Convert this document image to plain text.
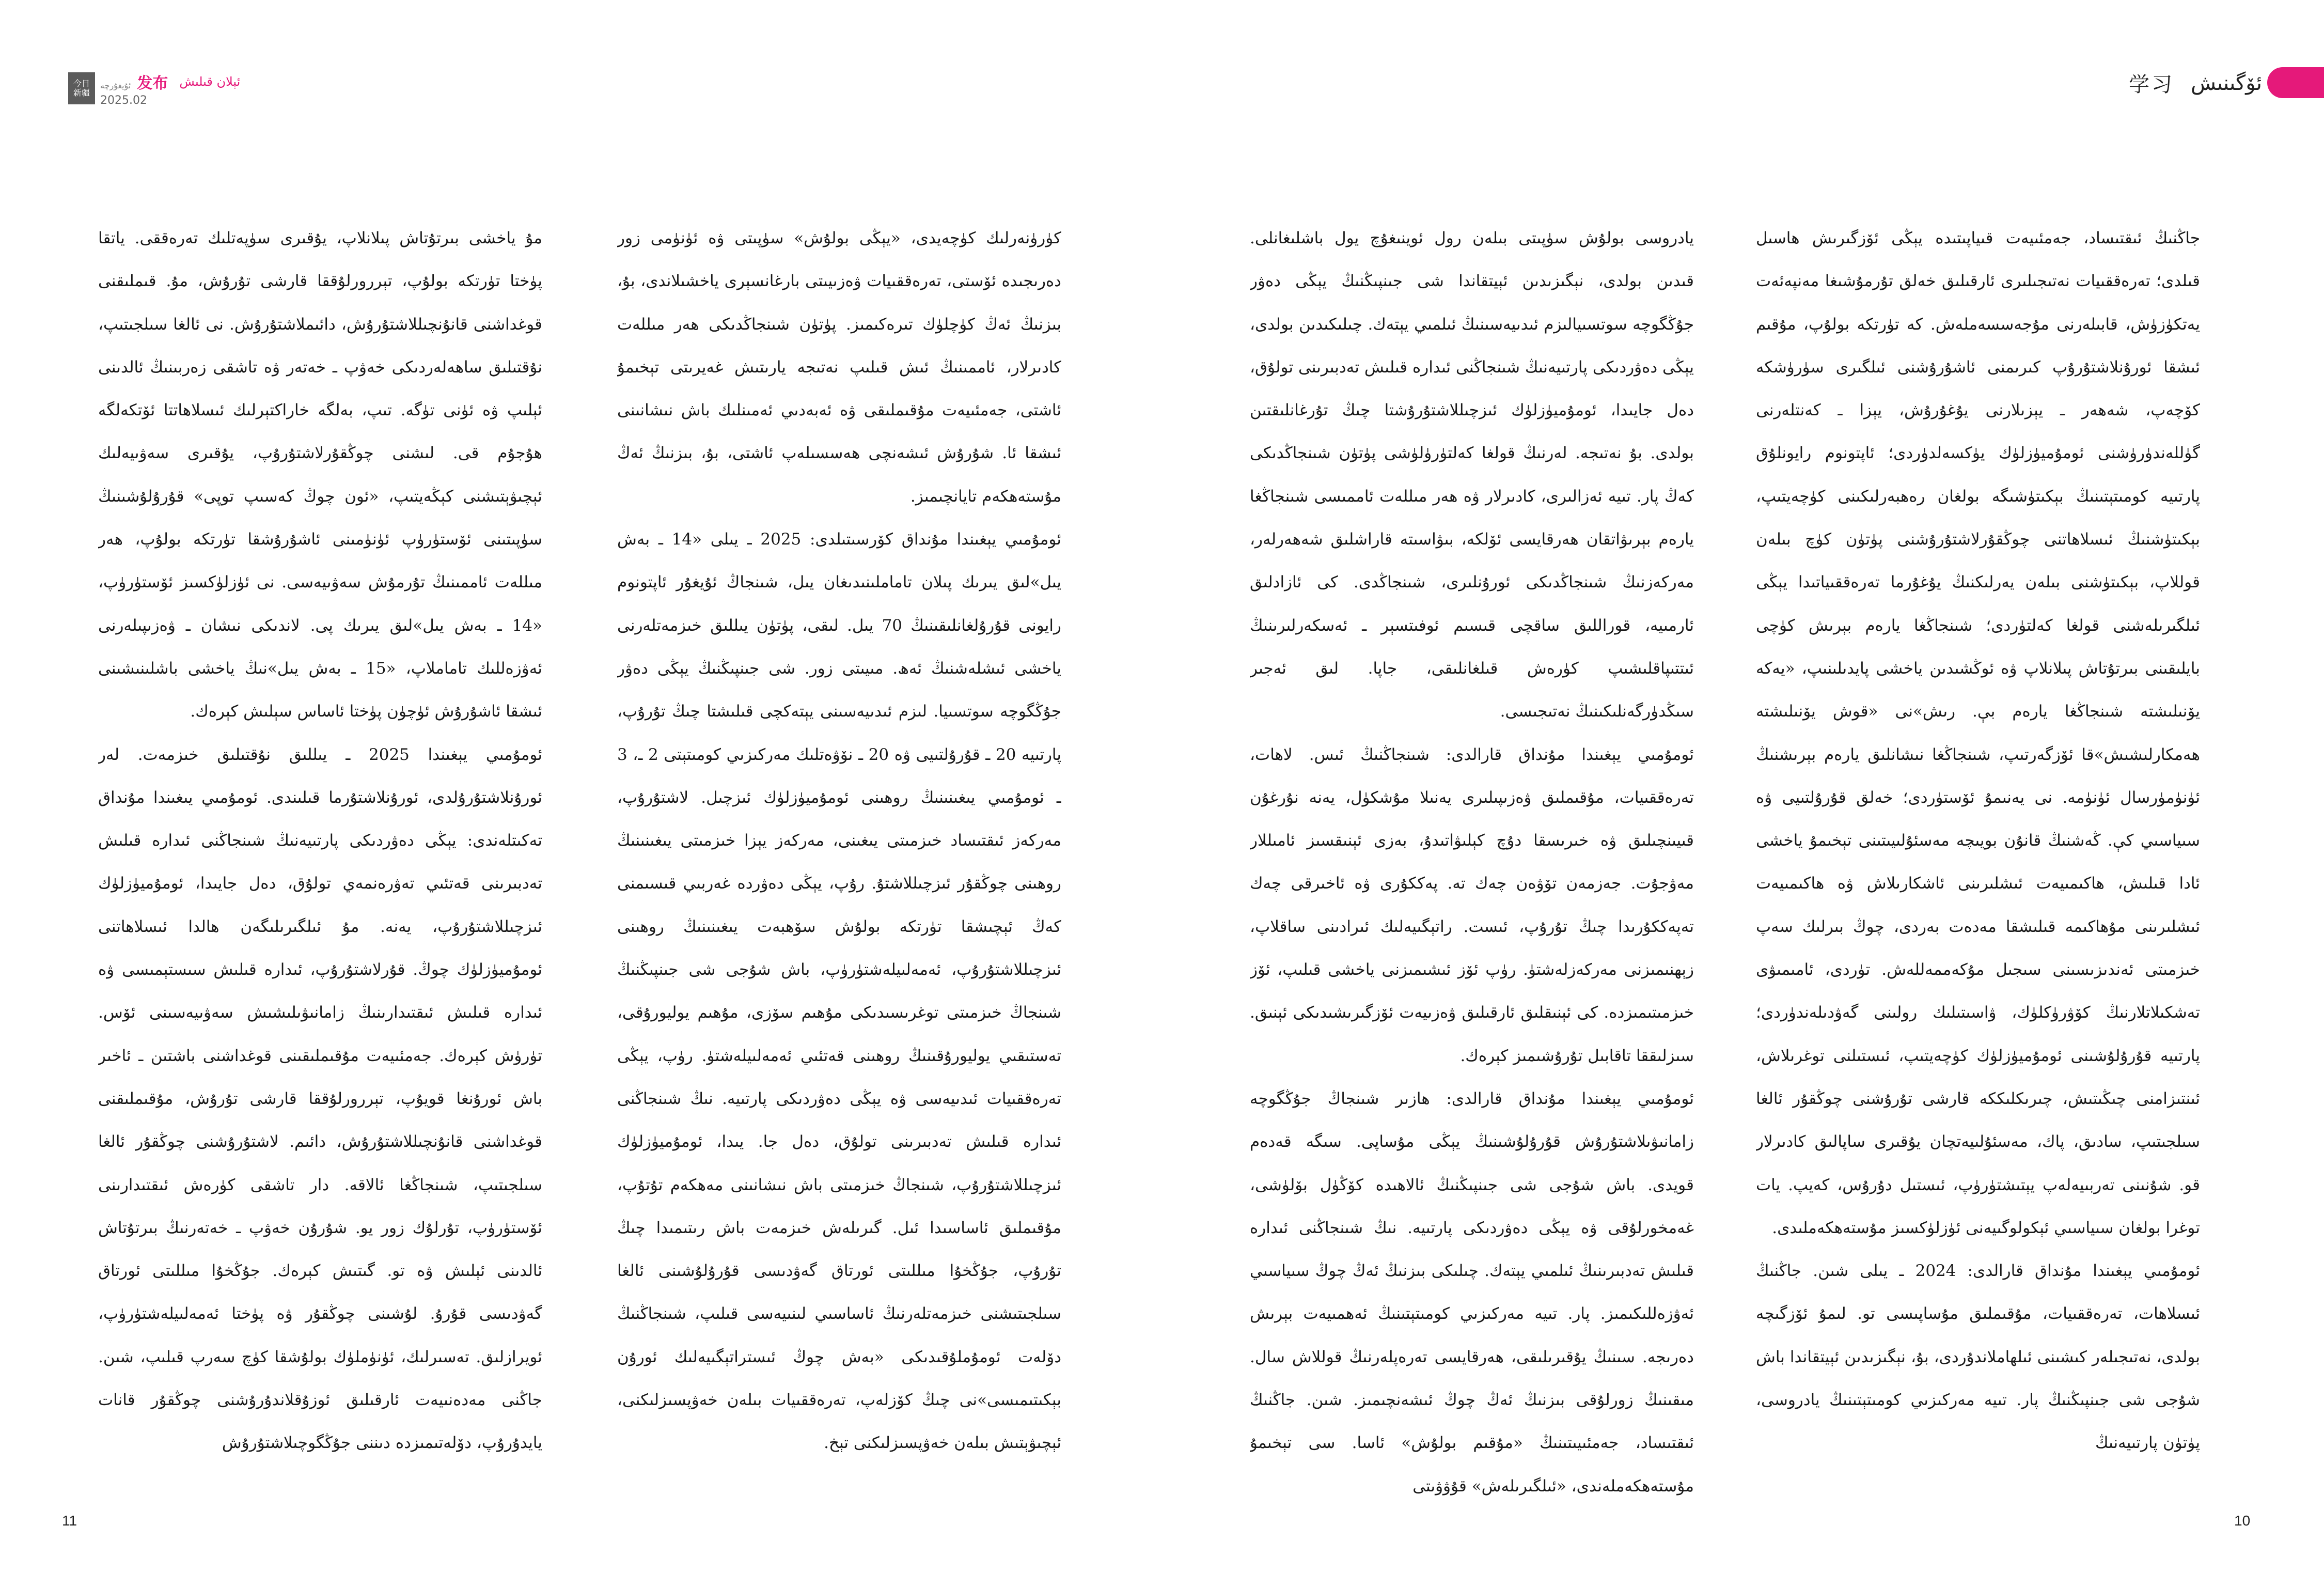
今日
新疆
ئۇيغۇرچە 发布
2025.02
ئېلان قىلىش	学习 ئۆگىنىش

جاڭنىڭ ئىقتىساد، جەمئىيەت قىياپىتىدە يېڭى ئۆزگىرىش ھاسىل قىلدى؛ تەرەققىيات نەتىجىلىرى ئارقىلىق خەلق تۇرمۇشىغا مەنپەئەت يەتكۈزۈش، قابىلەرنى مۇجەسسەملەش. كە تۈرتكە بولۇپ، مۇقىم ئىشقا ئورۇنلاشتۇرۇپ كىرىمنى ئاشۇرۇشنى ئىلگىرى سۈرۈشكە كۆچەپ، شەھەر ـ يېزىلارنى يۇغۇرۇش، يېزا ـ كەنتلەرنى گۈللەندۈرۈشنى ئومۇميۈزلۈك يۈكسەلدۈردى؛ ئاپتونوم رايونلۇق پارتىيە كومىتېتىنىڭ بېكىتۈشىگە بولغان رەھبەرلىكىنى كۈچەيتىپ، بېكىتۈشنىڭ ئىسلاھاتنى چوڭقۇرلاشتۇرۇشنى پۈتۈن كۈچ بىلەن قوللاپ، بېكىتۈشنى بىلەن يەرلىكنىڭ يۇغۇرما تەرەققىياتىدا يېڭى ئىلگىرىلەشنى قولغا كەلتۈردى؛ شىنجاڭغا يارەم بېرىش كۈچى بايلىقىنى بىرتۇتاش پىلانلاپ ۋە ئوڭشىدىن ياخشى پايدىلىنىپ، «يەكە يۆنىلىشتە شىنجاڭغا يارەم بې. رىش»نى «قوش يۆنىلىشتە ھەمكارلىشىش»قا ئۆزگەرتىپ، شىنجاڭغا نىشانلىق يارەم بېرىشنىڭ ئۈنۈمۈرسال ئۈنۈمە. نى يەنىمۇ ئۆستۈردى؛ خەلق قۇرۇلتىيى ۋە سىياسىي كې. ڭەشنىڭ قانۇن بويىچە مەسئۇلىيىتىنى تېخىمۇ ياخشى ئادا قىلىش، ھاكىمىيەت ئىشلىرىنى ئاشكارىلاش ۋە ھاكىمىيەت ئىشلىرىنى مۇھاكىمە قىلىشقا مەدەت بەردى، چوڭ بىرلىك سەپ خىزمىتى ئەندىزىسىنى سىجىل مۇكەممەللەش. تۈردى، ئامىمىۋى تەشكىلاتلارنىڭ كۆۋرۈكلۈك، ۋاسىتىلىك رولىنى گەۋدىلەندۈردى؛ پارتىيە قۇرۇلۇشىنى ئومۇميۈزلۈك كۈچەيتىپ، ئىستىلنى توغرىلاش، ئىنتىزامنى چىڭىتىش، چىرىكلىككە قارشى تۇرۇشنى چوڭقۇر ئالغا سىلجىتىپ، سادىق، پاك، مەسئۇلىيەتچان يۇقىرى ساپالىق كادىرلار قو. شۇنىنى تەربىيەلەپ يېتىشتۈرۈپ، ئىستىل دۇرۇس، كەيپ. يات توغرا بولغان سىياسىي ئېكولوگىيەنى ئۈزلۈكسىز مۇستەھكەملىدى.

ئومۇمىي يېغىندا مۇنداق قارالدى: 2024 ـ يىلى شىن. جاڭنىڭ ئىسلاھات، تەرەققىيات، مۇقىملىق مۇساپىسى تو. لىمۇ ئۆزگىچە بولدى، نەتىجىلەر كىشىنى ئىلھاملاندۇردى، بۇ، نېگىزىدىن ئېيتقاندا باش شۇجى شى جىنپىڭنىڭ پار. تىيە مەركىزىي كومىتېتىنىڭ يادروسى، پۈتۈن پارتىيەنىڭ

يادروسى بولۇش سۈپىتى بىلەن رول ئوينىغۇچ يول باشلىغانلى. قىدىن بولدى، نېگىزىدىن ئېيتقاندا شى جىنپىڭنىڭ يېڭى دەۋر جۇڭگوچە سوتسىيالىزم ئىدىيەسىنىڭ ئىلمىي يېتەك. چىلىكىدىن بولدى، يېڭى دەۋردىكى پارتىيەنىڭ شىنجاڭنى ئىدارە قىلىش تەدبىرىنى تولۇق، دەل جايىدا، ئومۇميۈزلۈك ئىزچىللاشتۇرۇشتا چىڭ تۇرغانلىقتىن بولدى. بۇ نەتىجە. لەرنىڭ قولغا كەلتۈرۈلۈشى پۈتۈن شىنجاڭدىكى كەڭ پار. تىيە ئەزالىرى، كادىرلار ۋە ھەر مىللەت ئاممىسى شىنجاڭغا يارەم بېرىۋاتقان ھەرقايسى ئۆلكە، بىۋاسىتە قاراشلىق شەھەرلەر، مەركەزنىڭ شىنجاڭدىكى ئورۇنلىرى، شىنجاڭدى. كى ئازادلىق ئارمىيە، قوراللىق ساقچى قىسىم ئوفىتسېر ـ ئەسكەرلىرىنىڭ ئىتتىپاقلىشىپ كۈرەش قىلغانلىقى، جاپا. لىق ئەجىر سىڭدۈرگەنلىكىنىڭ نەتىجىسى.

ئومۇمىي يېغىندا مۇنداق قارالدى: شىنجاڭنىڭ ئىس. لاھات، تەرەققىيات، مۇقىملىق ۋەزىپىلىرى يەنىلا مۇشكۈل، يەنە نۇرغۇن قىيىنچىلىق ۋە خىرىسقا دۇچ كېلىۋاتىدۇ، بەزى ئېنىقسىز ئامىللار مەۋجۇت. جەزمەن تۆۋەن چەك تە. پەككۇرى ۋە ئاخىرقى چەك تەپەككۇرىدا چىڭ تۇرۇپ، ئىست. راتېگىيەلىك ئىرادىنى ساقلاپ، زېھنىمىزنى مەركەزلەشتۈ. رۈپ ئۆز ئىشىمىزنى ياخشى قىلىپ، ئۆز خىزمىتىمىزدە. كى ئېنىقلىق ئارقىلىق ۋەزىيەت ئۆزگىرىشىدىكى ئېنىق. سىزلىققا تاقابىل تۇرۇشىمىز كېرەك.

ئومۇمىي يېغىندا مۇنداق قارالدى: ھازىر شىنجاڭ جۇڭگوچە زامانىۋىلاشتۇرۇش قۇرۇلۇشىنىڭ يېڭى مۇساپى. سىگە قەدەم قويدى. باش شۇجى شى جىنپىڭنىڭ ئالاھىدە كۆڭۈل بۆلۈشى، غەمخورلۇقى ۋە يېڭى دەۋردىكى پارتىيە. نىڭ شىنجاڭنى ئىدارە قىلىش تەدبىرىنىڭ ئىلمىي يېتەك. چىلىكى بىزنىڭ ئەڭ چوڭ سىياسىي ئەۋزەللىكىمىز. پار. تىيە مەركىزىي كومىتېتىنىڭ ئەھمىيەت بېرىش دەرىجە. سىنىڭ يۇقىرىلىقى، ھەرقايسى تەرەپلەرنىڭ قوللاش سال. مىقىنىڭ زورلۇقى بىزنىڭ ئەڭ چوڭ ئىشەنچىمىز. شىن. جاڭنىڭ ئىقتىساد، جەمئىيىتىنىڭ «مۇقىم بولۇش» ئاسا. سى تېخىمۇ مۇستەھكەملەندى، «ئىلگىرىلەش» قۇۋۋىتى

كۈرۈنەرلىك كۈچەيدى، «يېڭى بولۇش» سۈپىتى ۋە ئۈنۈمى زور دەرىجىدە ئۆستى، تەرەققىيات ۋەزىيىتى بارغانسېرى ياخشىلاندى، بۇ، بىزنىڭ ئەڭ كۈچلۈك تىرەكىمىز. پۈتۈن شىنجاڭدىكى ھەر مىللەت كادىرلار، ئاممىنىڭ ئىش قىلىپ نەتىجە يارىتىش غەيرىتى تېخىمۇ ئاشتى، جەمئىيەت مۇقىملىقى ۋە ئەبەدىي ئەمىنلىك باش نىشانىنى ئىشقا ئا. شۇرۇش ئىشەنچى ھەسسىلەپ ئاشتى، بۇ، بىزنىڭ ئەڭ مۇستەھكەم تايانچىمىز.

ئومۇمىي يېغىندا مۇنداق كۆرسىتىلدى: 2025 ـ يىلى «14 ـ بەش يىل»لىق يىرىك پىلان تاماملىنىدىغان يىل، شىنجاڭ ئۇيغۇر ئاپتونوم رايونى قۇرۇلغانلىقىنىڭ 70 يىل. لىقى، پۈتۈن يىللىق خىزمەتلەرنى ياخشى ئىشلەشنىڭ ئەھ. مىيىتى زور. شى جىنپىڭنىڭ يېڭى دەۋر جۇڭگوچە سوتسىيا. لىزم ئىدىيەسىنى يېتەكچى قىلىشتا چىڭ تۇرۇپ، پارتىيە 20 ـ قۇرۇلتىيى ۋە 20 ـ نۆۋەتلىك مەركىزىي كومىتېتى 2 ـ، 3 ـ ئومۇمىي يىغىنىنىڭ روھىنى ئومۇميۈزلۈك ئىزچىل. لاشتۇرۇپ، مەركەز ئىقتىساد خىزمىتى يىغىنى، مەركەز يېزا خىزمىتى يىغىنىنىڭ روھىنى چوڭقۇر ئىزچىللاشتۇ. رۇپ، يېڭى دەۋردە غەربىي قىسىمنى كەڭ ئېچىشقا تۈرتكە بولۇش سۆھبەت يىغىنىنىڭ روھىنى ئىزچىللاشتۇرۇپ، ئەمەلىيلەشتۈرۈپ، باش شۇجى شى جىنپىڭنىڭ شىنجاڭ خىزمىتى توغرىسىدىكى مۇھىم سۆزى، مۇھىم يوليورۇقى، تەستىقىي يوليورۇقىنىڭ روھىنى قەتئىي ئەمەلىيلەشتۈ. رۈپ، يېڭى تەرەققىيات ئىدىيەسى ۋە يېڭى دەۋردىكى پارتىيە. نىڭ شىنجاڭنى ئىدارە قىلىش تەدبىرىنى تولۇق، دەل جا. يىدا، ئومۇميۈزلۈك ئىزچىللاشتۇرۇپ، شىنجاڭ خىزمىتى باش نىشانىنى مەھكەم تۇتۇپ، مۇقىملىق ئاساسىدا ئىل. گىرىلەش خىزمەت باش رىتىمىدا چىڭ تۇرۇپ، جۇڭخۇا مىللىتى ئورتاق گەۋدىسى قۇرۇلۇشىنى ئالغا سىلجىتىشنى خىزمەتلەرنىڭ ئاساسىي لىنىيەسى قىلىپ، شىنجاڭنىڭ دۆلەت ئومۇملۇقىدىكى «بەش چوڭ ئىستراتېگىيەلىك ئورۇن بېكىتىمىسى»نى چىڭ كۆزلەپ، تەرەققىيات بىلەن خەۋپسىزلىكنى، ئېچىۋېتىش بىلەن خەۋپسىزلىكنى تېخ.

مۇ ياخشى بىرتۇتاش پىلانلاپ، يۇقىرى سۈپەتلىك تەرەققى. ياتقا پۈختا تۈرتكە بولۇپ، تېررورلۇققا قارشى تۇرۇش، مۇ. قىملىقنى قوغداشنى قانۇنچىللاشتۇرۇش، دائىملاشتۇرۇش. نى ئالغا سىلجىتىپ، نۇقتىلىق ساھەلەردىكى خەۋپ ـ خەتەر ۋە تاشقى زەربىنىڭ ئالدىنى ئېلىپ ۋە ئۈنى تۈگە. تىپ، بەلگە خاراكتېرلىك ئىسلاھاتتا ئۆتكەلگە ھۇجۇم قى. لىشنى چوڭقۇرلاشتۇرۇپ، يۇقىرى سەۋىيەلىك ئېچىۋېتىشنى كېڭەيتىپ، «ئون چوڭ كەسىپ توپى» قۇرۇلۇشىنىڭ سۈپىتىنى ئۆستۈرۈپ ئۈنۈمىنى ئاشۇرۇشقا تۈرتكە بولۇپ، ھەر مىللەت ئاممىنىڭ تۇرمۇش سەۋىيەسى. نى ئۈزلۈكسىز ئۆستۈرۈپ، «14 ـ بەش يىل»لىق يىرىك پى. لاندىكى نىشان ـ ۋەزىپىلەرنى ئەۋزەللىك تاماملاپ، «15 ـ بەش يىل»نىڭ ياخشى باشلىنىشىنى ئىشقا ئاشۇرۇش ئۈچۈن پۈختا ئاساس سېلىش كېرەك.

ئومۇمىي يېغىندا 2025 ـ يىللىق نۇقتىلىق خىزمەت. لەر ئورۇنلاشتۇرۇلدى، ئورۇنلاشتۇرما قىلىندى. ئومۇمىي يىغىندا مۇنداق تەكىتلەندى: يېڭى دەۋردىكى پارتىيەنىڭ شىنجاڭنى ئىدارە قىلىش تەدبىرىنى قەتئىي تەۋرەنمەي تولۇق، دەل جايىدا، ئومۇميۈزلۈك ئىزچىللاشتۇرۇپ، يەنە. مۇ ئىلگىرىلىگەن ھالدا ئىسلاھاتنى ئومۇميۈزلۈك چوڭ. قۇرلاشتۇرۇپ، ئىدارە قىلىش سىستېمىسى ۋە ئىدارە قىلىش ئىقتىدارىنىڭ زامانىۋىلىشىش سەۋىيەسىنى ئۆس. تۈرۈش كېرەك. جەمئىيەت مۇقىملىقىنى قوغداشنى باشتىن ـ ئاخىر باش ئورۇنغا قويۇپ، تېررورلۇققا قارشى تۇرۇش، مۇقىملىقنى قوغداشنى قانۇنچىللاشتۇرۇش، دائىم. لاشتۇرۇشنى چوڭقۇر ئالغا سىلجىتىپ، شىنجاڭغا ئالاقە. دار تاشقى كۈرەش ئىقتىدارىنى ئۆستۈرۈپ، تۇرلۇك زور يو. شۇرۇن خەۋپ ـ خەتەرنىڭ بىرتۇتاش ئالدىنى ئېلىش ۋە تو. گىتىش كېرەك. جۇڭخۇا مىللىتى ئورتاق گەۋدىسى قۇرۇ. لۇشىنى چوڭقۇر ۋە پۈختا ئەمەلىيلەشتۈرۈپ، ئويرازلىق. تەسىرلىك، ئۈنۈملۈك بولۇشقا كۈچ سەرپ قىلىپ، شىن. جاڭنى مەدەنىيەت ئارقىلىق ئوزۇقلاندۇرۇشنى چوڭقۇر قانات يايدۇرۇپ، دۆلەتىمىزدە دىننى جۇڭگوچىلاشتۇرۇش

11	10
